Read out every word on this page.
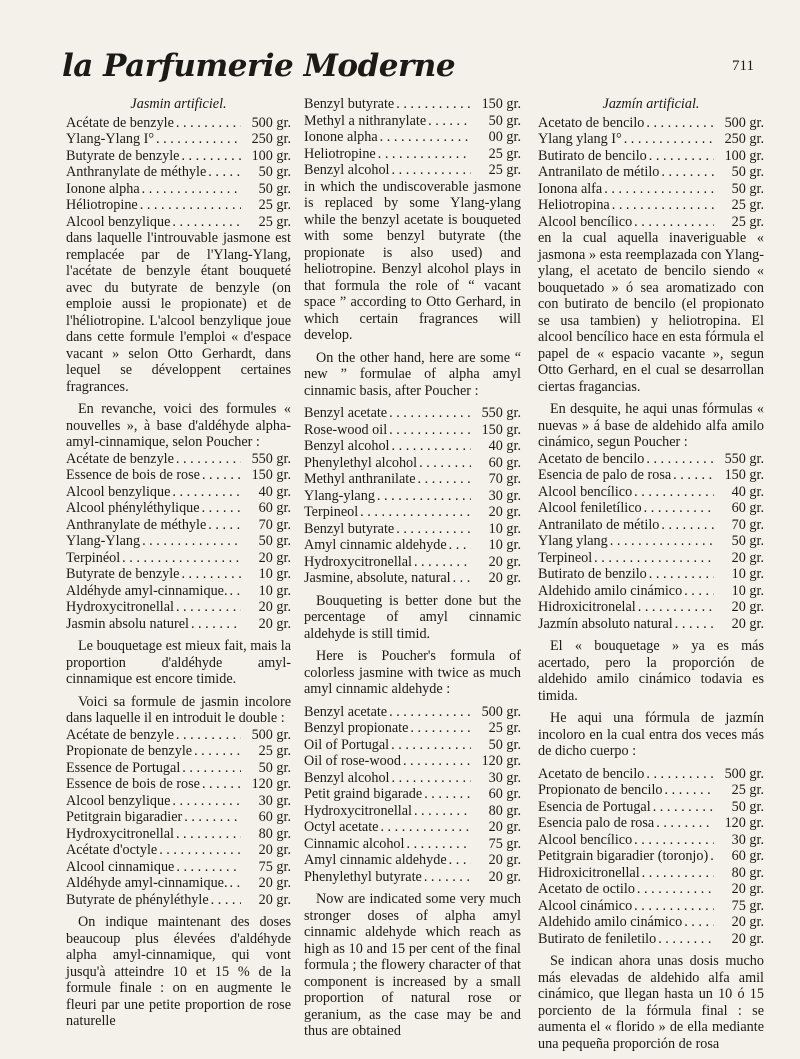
la Parfumerie Moderne	711

Jasmin artificiel.

Acétate de benzyle . . .	500 gr.
Ylang-Ylang I° . . .	250 gr.
Butyrate de benzyle . . .	100 gr.
Anthranylate de méthyle . . .	50 gr.
Ionone alpha . . .	50 gr.
Héliotropine . . .	25 gr.
Alcool benzylique . . .	25 gr.

dans laquelle l'introuvable jasmone est remplacée par de l'Ylang-Ylang, l'acétate de benzyle étant bouqueté avec du butyrate de benzyle (on emploie aussi le propionate) et de l'héliotropine. L'alcool benzylique joue dans cette formule l'emploi « d'espace vacant » selon Otto Gerhardt, dans lequel se développent certaines fragrances.

En revanche, voici des formules « nouvelles », à base d'aldéhyde alpha-amyl-cinnamique, selon Poucher :

Acétate de benzyle . . .	550 gr.
Essence de bois de rose . . .	150 gr.
Alcool benzylique . . .	40 gr.
Alcool phényléthylique . . .	60 gr.
Anthranylate de méthyle . . .	70 gr.
Ylang-Ylang . . .	50 gr.
Terpinéol . . .	20 gr.
Butyrate de benzyle . . .	10 gr.
Aldéhyde amyl-cinnamique. . . .	10 gr.
Hydroxycitronellal . . .	20 gr.
Jasmin absolu naturel . . .	20 gr.

Le bouquetage est mieux fait, mais la proportion d'aldéhyde amyl-cinnamique est encore timide.

Voici sa formule de jasmin incolore dans laquelle il en introduit le double :

Acétate de benzyle . . .	500 gr.
Propionate de benzyle . . .	25 gr.
Essence de Portugal . . .	50 gr.
Essence de bois de rose . . .	120 gr.
Alcool benzylique . . .	30 gr.
Petitgrain bigaradier . . .	60 gr.
Hydroxycitronellal . . .	80 gr.
Acétate d'octyle . . .	20 gr.
Alcool cinnamique . . .	75 gr.
Aldéhyde amyl-cinnamique. . . .	20 gr.
Butyrate de phényléthyle . . .	20 gr.

On indique maintenant des doses beaucoup plus élevées d'aldéhyde alpha amyl-cinnamique, qui vont jusqu'à atteindre 10 et 15 % de la formule finale : on en augmente le fleuri par une petite proportion de rose naturelle

Benzyl butyrate . . .	150 gr.
Methyl a nithranylate . . .	50 gr.
Ionone alpha . . .	00 gr.
Heliotropine . . .	25 gr.
Benzyl alcohol . . .	25 gr.

in which the undiscoverable jasmone is replaced by some Ylang-ylang while the benzyl acetate is bouqueted with some benzyl butyrate (the propionate is also used) and heliotropine. Benzyl alcohol plays in that formula the role of “ vacant space ” according to Otto Gerhard, in which certain fragrances will develop.

On the other hand, here are some “ new ” formulae of alpha amyl cinnamic basis, after Poucher :

Benzyl acetate . . .	550 gr.
Rose-wood oil . . .	150 gr.
Benzyl alcohol . . .	40 gr.
Phenylethyl alcohol . . .	60 gr.
Methyl anthranilate . . .	70 gr.
Ylang-ylang . . .	30 gr.
Terpineol . . .	20 gr.
Benzyl butyrate . . .	10 gr.
Amyl cinnamic aldehyde . . .	10 gr.
Hydroxycitronellal . . .	20 gr.
Jasmine, absolute, natural . . .	20 gr.

Bouqueting is better done but the percentage of amyl cinnamic aldehyde is still timid.

Here is Poucher's formula of colorless jasmine with twice as much amyl cinnamic aldehyde :

Benzyl acetate . . .	500 gr.
Benzyl propionate . . .	25 gr.
Oil of Portugal . . .	50 gr.
Oil of rose-wood . . .	120 gr.
Benzyl alcohol . . .	30 gr.
Petit graind bigarade . . .	60 gr.
Hydroxycitronellal . . .	80 gr.
Octyl acetate . . .	20 gr.
Cinnamic alcohol . . .	75 gr.
Amyl cinnamic aldehyde . . .	20 gr.
Phenylethyl butyrate . . .	20 gr.

Now are indicated some very much stronger doses of alpha amyl cinnamic aldehyde which reach as high as 10 and 15 per cent of the final formula ; the flowery character of that component is increased by a small proportion of natural rose or geranium, as the case may be and thus are obtained

Jazmín artificial.

Acetato de bencilo . . .	500 gr.
Ylang ylang I° . . .	250 gr.
Butirato de bencilo . . .	100 gr.
Antranilato de métilo . . .	50 gr.
Ionona alfa . . .	50 gr.
Heliotropina . . .	25 gr.
Alcool bencílico . . .	25 gr.

en la cual aquella inaveriguable « jasmona » esta reemplazada con Ylang-ylang, el acetato de bencilo siendo « bouquetado » ó sea aromatizado con con butirato de bencilo (el propionato se usa tambien) y heliotropina. El alcool bencílico hace en esta fórmula el papel de « espacio vacante », segun Otto Gerhard, en el cual se desarrollan ciertas fragancias.

En desquite, he aqui unas fórmulas « nuevas » á base de aldehido alfa amilo cinámico, segun Poucher :

Acetato de bencilo . . .	550 gr.
Esencia de palo de rosa . . .	150 gr.
Alcool bencílico . . .	40 gr.
Alcool feniletílico . . .	60 gr.
Antranilato de métilo . . .	70 gr.
Ylang ylang . . .	50 gr.
Terpineol . . .	20 gr.
Butirato de benzilo . . .	10 gr.
Aldehido amilo cinámico . . .	10 gr.
Hidroxicitronelal . . .	20 gr.
Jazmín absoluto natural . . .	20 gr.

El « bouquetage » ya es más acertado, pero la proporción de aldehido amilo cinámico todavia es timida.

He aqui una fórmula de jazmín incoloro en la cual entra dos veces más de dicho cuerpo :

Acetato de bencilo . . .	500 gr.
Propionato de bencilo . . .	25 gr.
Esencia de Portugal . . .	50 gr.
Esencia palo de rosa . . .	120 gr.
Alcool bencílico . . .	30 gr.
Petitgrain bigaradier (toronjo) . . .	60 gr.
Hidroxicitronellal . . .	80 gr.
Acetato de octilo . . .	20 gr.
Alcool cinámico . . .	75 gr.
Aldehido amilo cinámico . . .	20 gr.
Butirato de feniletilo . . .	20 gr.

Se indican ahora unas dosis mucho más elevadas de aldehido alfa amil cinámico, que llegan hasta un 10 ó 15 porciento de la fórmula final : se aumenta el « florido » de ella mediante una pequeña proporción de rosa
